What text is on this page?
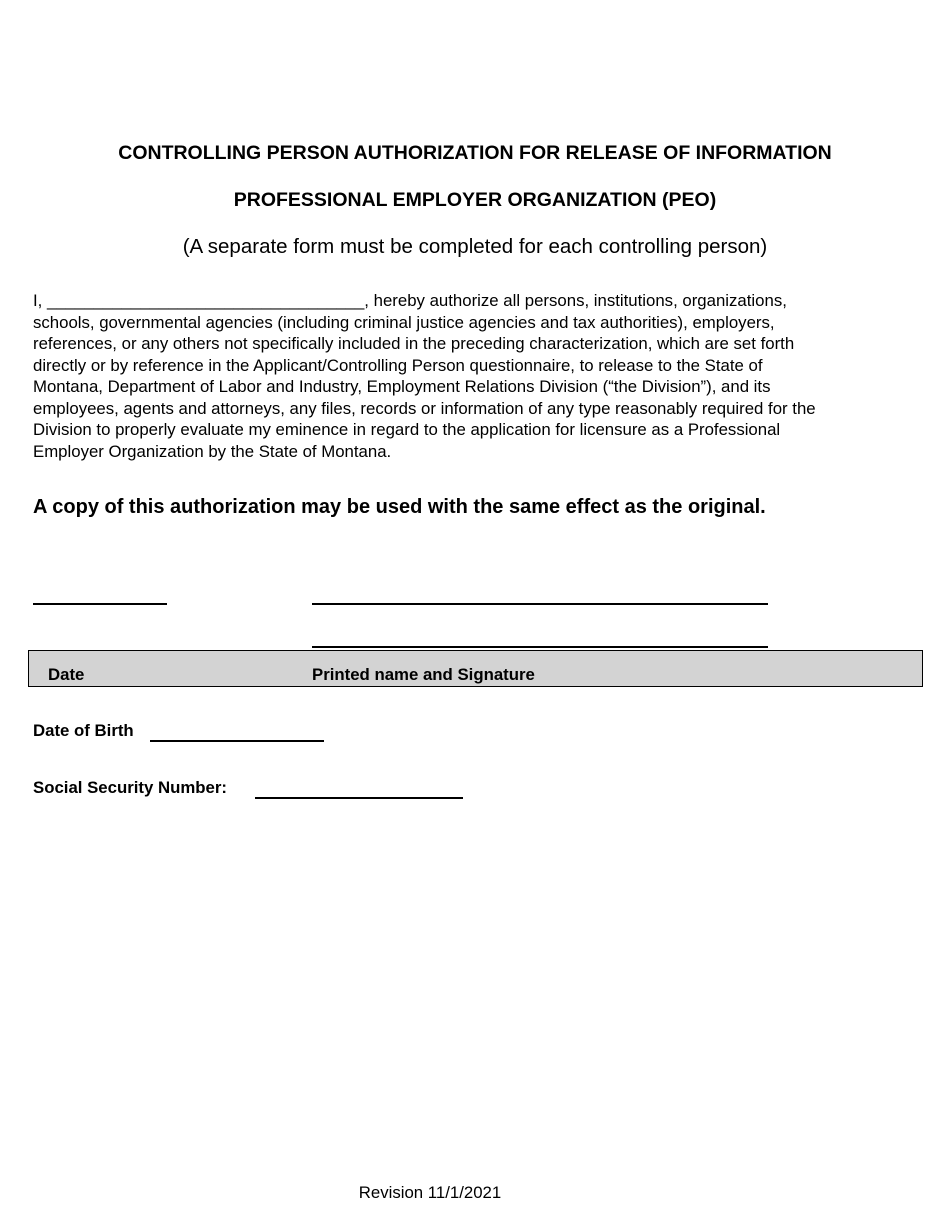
CONTROLLING PERSON AUTHORIZATION FOR RELEASE OF INFORMATION
PROFESSIONAL EMPLOYER ORGANIZATION (PEO)
(A separate form must be completed for each controlling person)
I, __________________________________, hereby authorize all persons, institutions, organizations,
schools, governmental agencies (including criminal justice agencies and tax authorities), employers,
references, or any others not specifically included in the preceding characterization, which are set forth
directly or by reference in the Applicant/Controlling Person questionnaire, to release to the State of
Montana, Department of Labor and Industry, Employment Relations Division (“the Division”), and its
employees, agents and attorneys, any files, records or information of any type reasonably required for the
Division to properly evaluate my eminence in regard to the application for licensure as a Professional
Employer Organization by the State of Montana.
A copy of this authorization may be used with the same effect as the original.
Date	Printed name and Signature
Date of Birth
Social Security Number:
Revision 11/1/2021
